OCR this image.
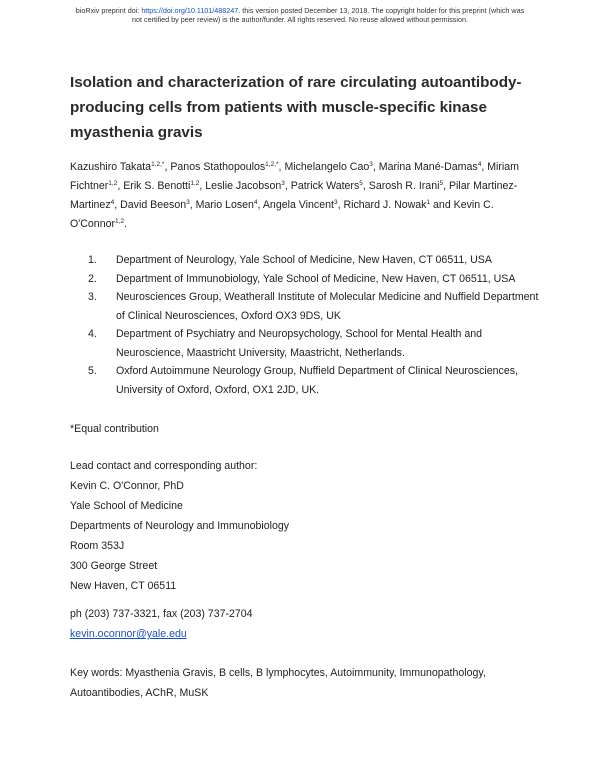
bioRxiv preprint doi: https://doi.org/10.1101/488247. this version posted December 13, 2018. The copyright holder for this preprint (which was
not certified by peer review) is the author/funder. All rights reserved. No reuse allowed without permission.
Isolation and characterization of rare circulating autoantibody-producing cells from patients with muscle-specific kinase myasthenia gravis
Kazushiro Takata$^{1,2,*}$, Panos Stathopoulos$^{1,2,*}$, Michelangelo Cao$^3$, Marina Mané-Damas$^4$, Miriam Fichtner$^{1,2}$, Erik S. Benotti$^{1,2}$, Leslie Jacobson$^3$, Patrick Waters$^5$, Sarosh R. Irani$^5$, Pilar Martinez-Martinez$^4$, David Beeson$^3$, Mario Losen$^4$, Angela Vincent$^3$, Richard J. Nowak$^1$ and Kevin C. O'Connor$^{1,2}$.
1.	Department of Neurology, Yale School of Medicine, New Haven, CT 06511, USA
2.	Department of Immunobiology, Yale School of Medicine, New Haven, CT 06511, USA
3.	Neurosciences Group, Weatherall Institute of Molecular Medicine and Nuffield Department of Clinical Neurosciences, Oxford OX3 9DS, UK
4.	Department of Psychiatry and Neuropsychology, School for Mental Health and Neuroscience, Maastricht University, Maastricht, Netherlands.
5.	Oxford Autoimmune Neurology Group, Nuffield Department of Clinical Neurosciences, University of Oxford, Oxford, OX1 2JD, UK.
*Equal contribution
Lead contact and corresponding author:
Kevin C. O'Connor, PhD
Yale School of Medicine
Departments of Neurology and Immunobiology
Room 353J
300 George Street
New Haven, CT 06511
ph (203) 737-3321, fax (203) 737-2704
kevin.oconnor@yale.edu
Key words: Myasthenia Gravis, B cells, B lymphocytes, Autoimmunity, Immunopathology,
Autoantibodies, AChR, MuSK
